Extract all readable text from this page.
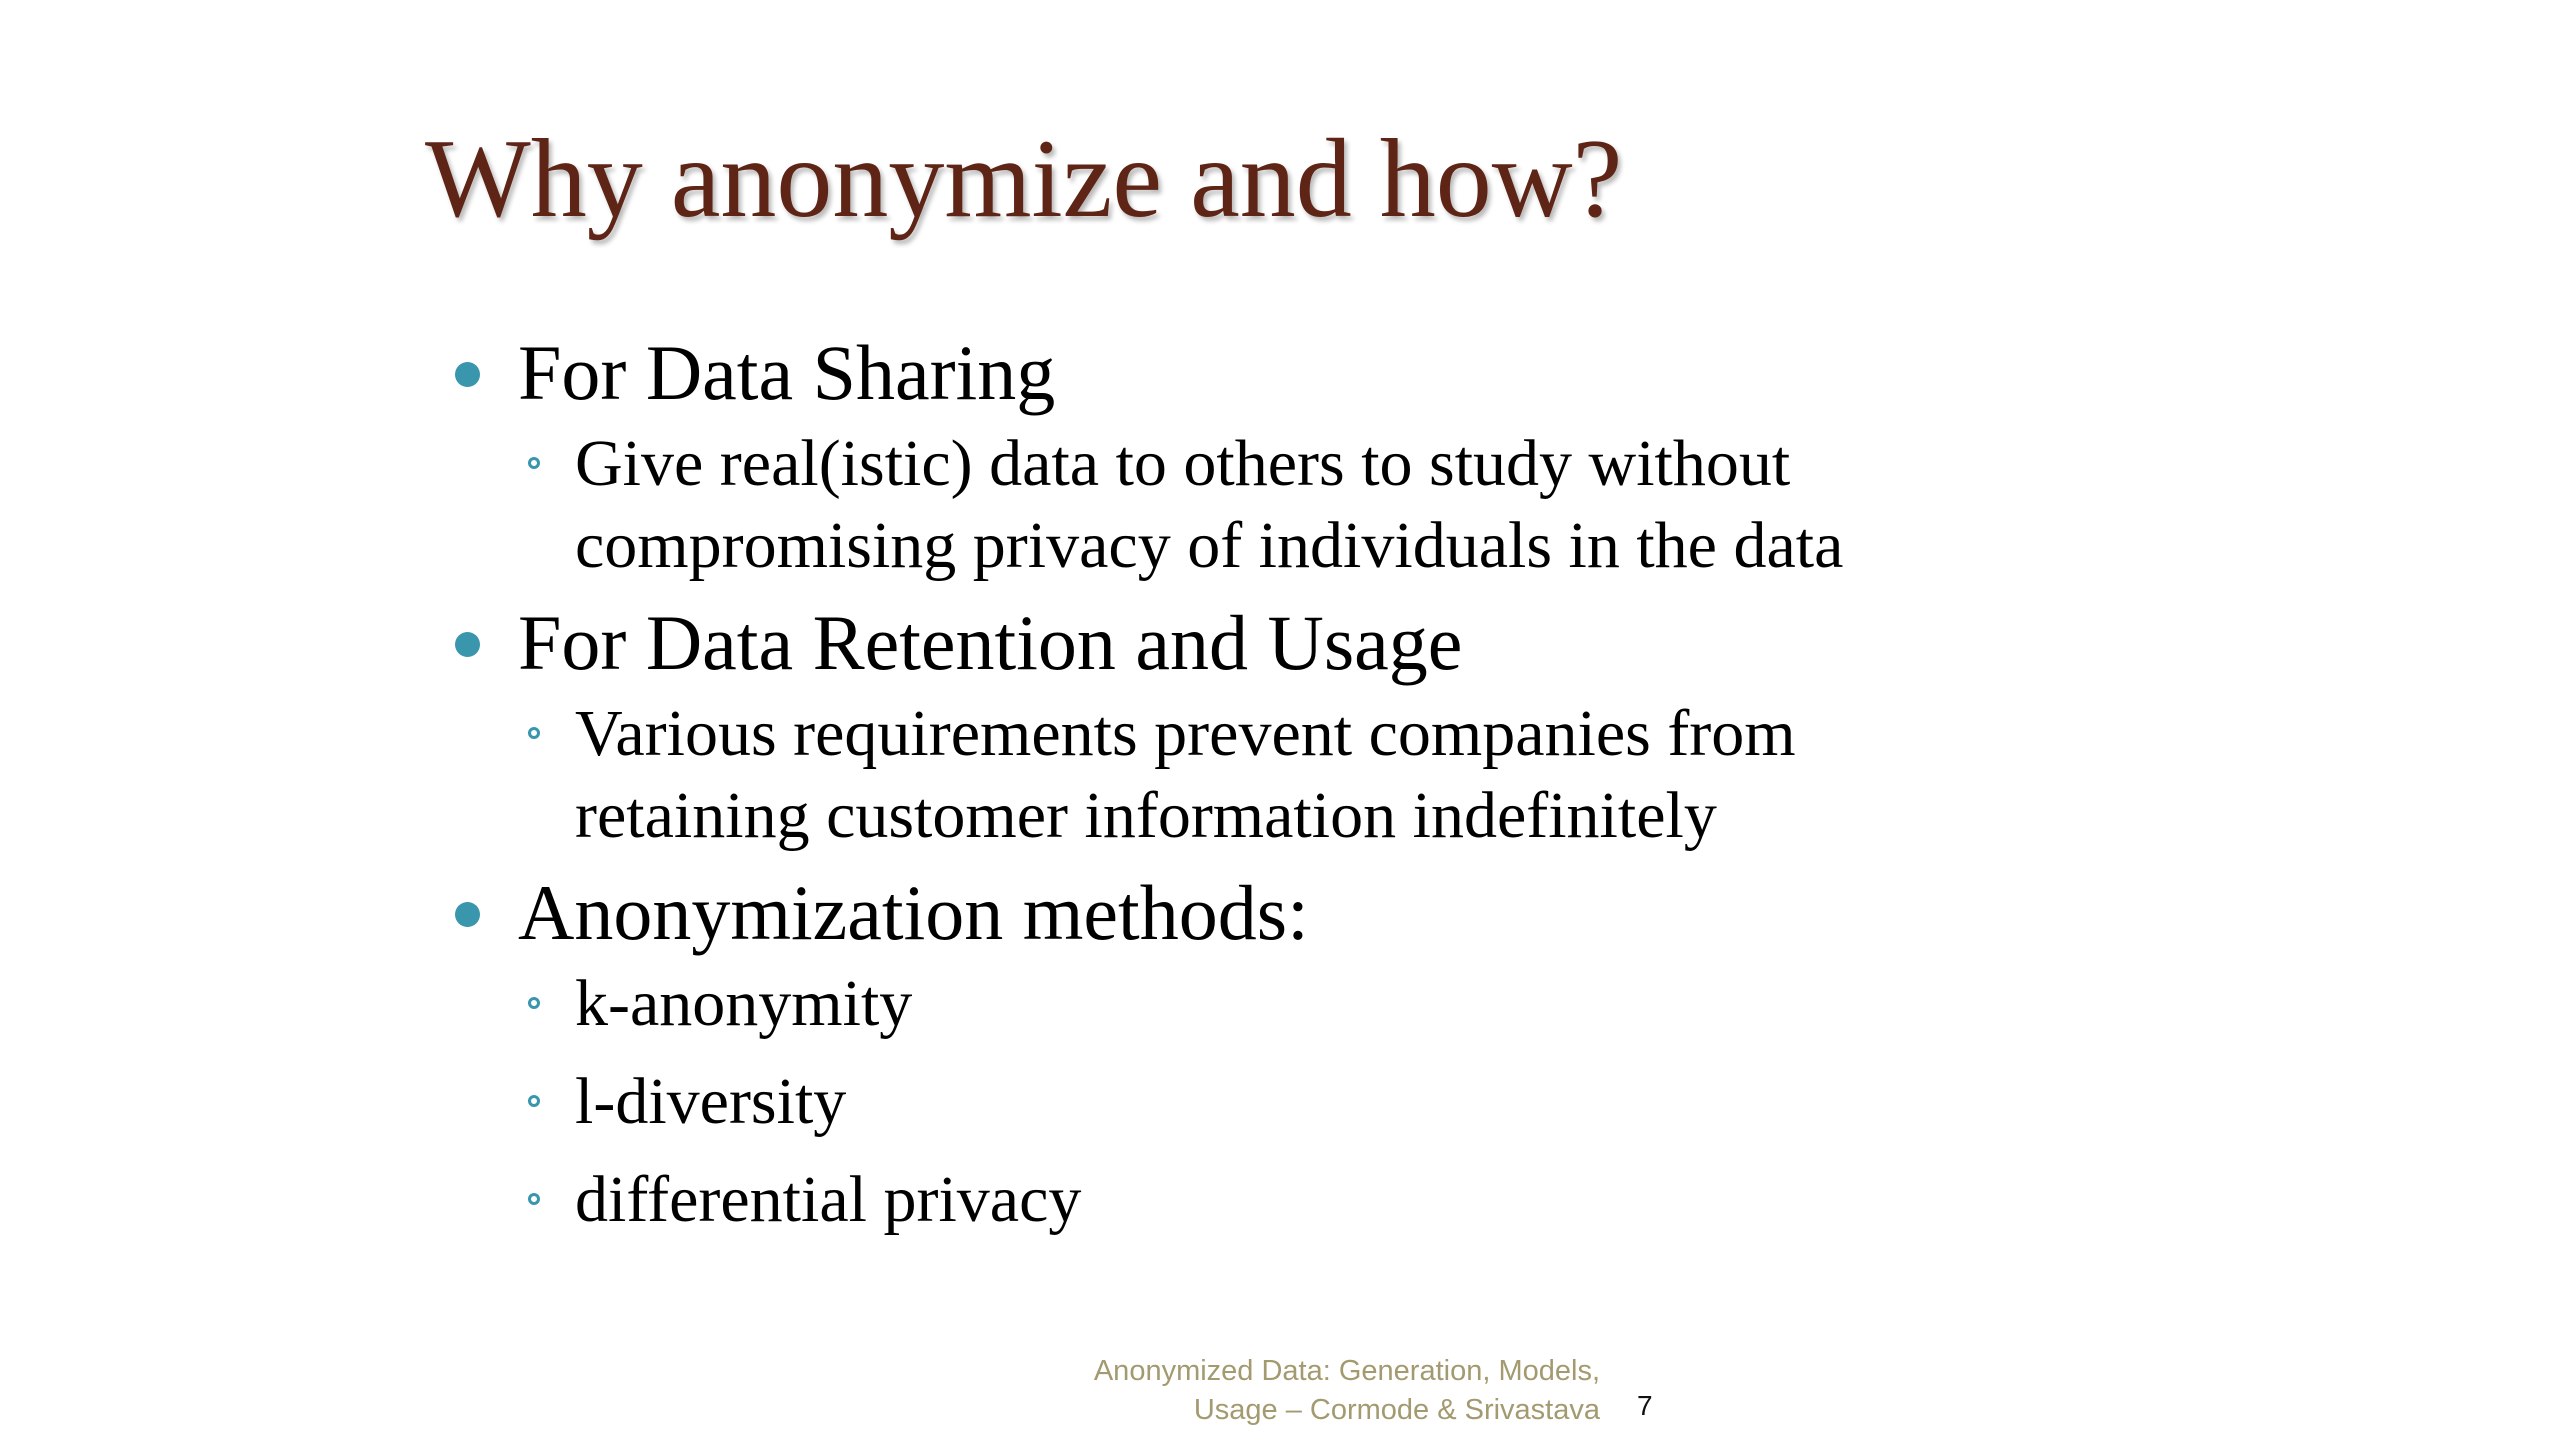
Why anonymize and how?
For Data Sharing
Give real(istic) data to others to study without
compromising privacy of individuals in the data
For Data Retention and Usage
Various requirements prevent companies from
retaining customer information indefinitely
Anonymization methods:
k-anonymity
l-diversity
differential privacy
Anonymized Data: Generation, Models,
Usage – Cormode & Srivastava 7
